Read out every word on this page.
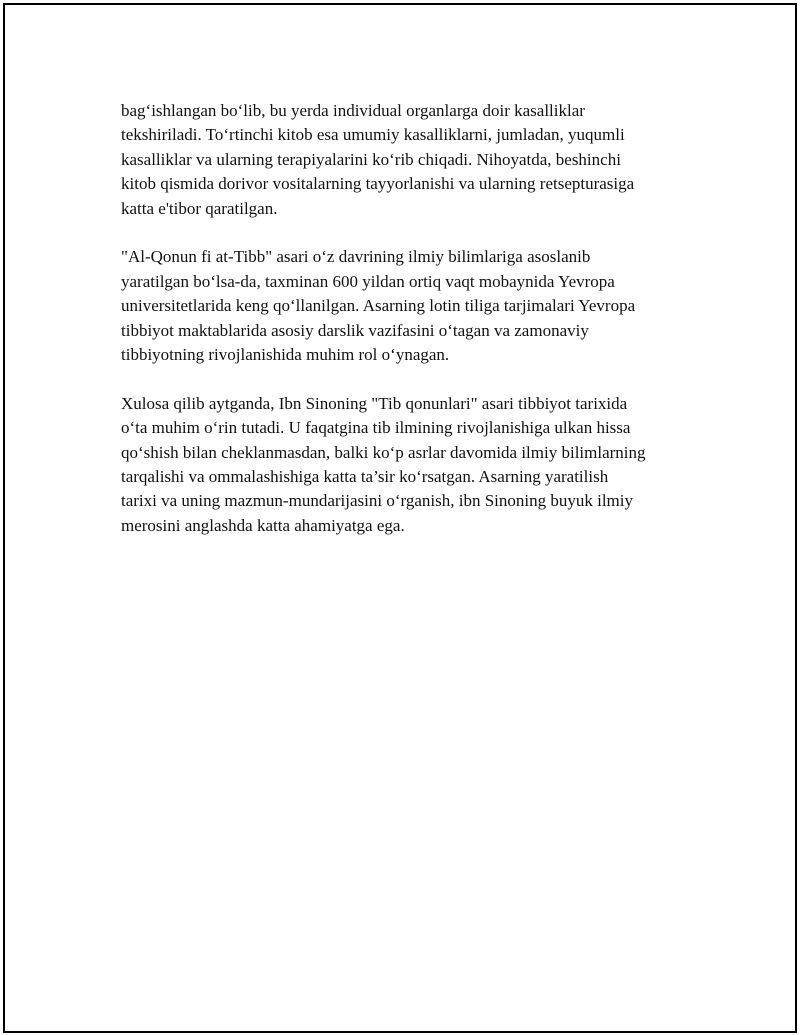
bag‘ishlangan bo‘lib, bu yerda individual organlarga doir kasalliklar
tekshiriladi. To‘rtinchi kitob esa umumiy kasalliklarni, jumladan, yuqumli
kasalliklar va ularning terapiyalarini ko‘rib chiqadi. Nihoyatda, beshinchi
kitob qismida dorivor vositalarning tayyorlanishi va ularning retsepturasiga
katta e'tibor qaratilgan.

"Al-Qonun fi at-Tibb" asari o‘z davrining ilmiy bilimlariga asoslanib
yaratilgan bo‘lsa-da, taxminan 600 yildan ortiq vaqt mobaynida Yevropa
universitetlarida keng qo‘llanilgan. Asarning lotin tiliga tarjimalari Yevropa
tibbiyot maktablarida asosiy darslik vazifasini o‘tagan va zamonaviy
tibbiyotning rivojlanishida muhim rol o‘ynagan.

Xulosa qilib aytganda, Ibn Sinoning "Tib qonunlari" asari tibbiyot tarixida
o‘ta muhim o‘rin tutadi. U faqatgina tib ilmining rivojlanishiga ulkan hissa
qo‘shish bilan cheklanmasdan, balki ko‘p asrlar davomida ilmiy bilimlarning
tarqalishi va ommalashishiga katta ta’sir ko‘rsatgan. Asarning yaratilish
tarixi va uning mazmun-mundarijasini o‘rganish, ibn Sinoning buyuk ilmiy
merosini anglashda katta ahamiyatga ega.
